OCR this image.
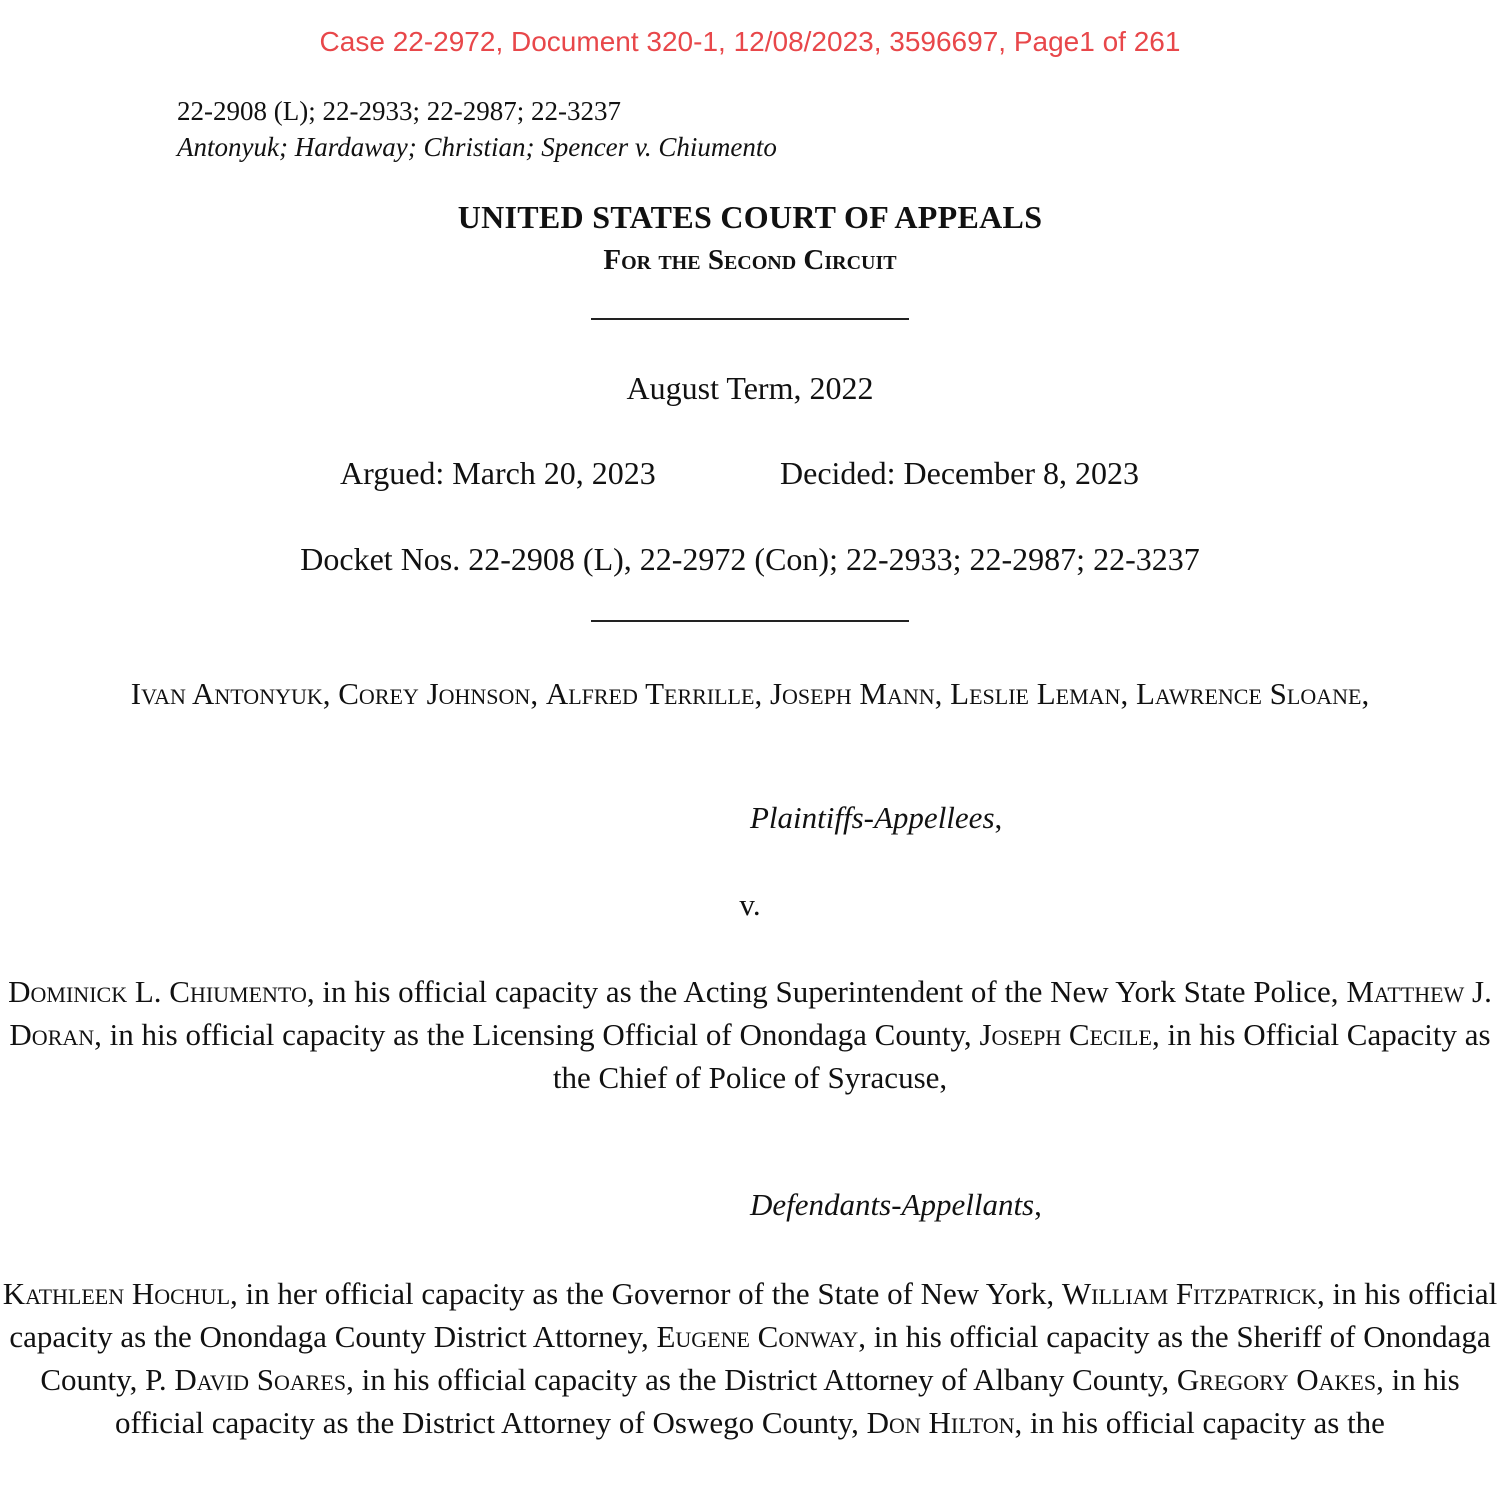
Case 22-2972, Document 320-1, 12/08/2023, 3596697, Page1 of 261
22-2908 (L); 22-2933; 22-2987; 22-3237
Antonyuk; Hardaway; Christian; Spencer v. Chiumento
UNITED STATES COURT OF APPEALS
For the Second Circuit
August Term, 2022
Argued: March 20, 2023	Decided: December 8, 2023
Docket Nos. 22-2908 (L), 22-2972 (Con); 22-2933; 22-2987; 22-3237
Ivan Antonyuk, Corey Johnson, Alfred Terrille, Joseph Mann, Leslie Leman, Lawrence Sloane,
Plaintiffs-Appellees,
v.
Dominick L. Chiumento, in his official capacity as the Acting Superintendent of the New York State Police, Matthew J. Doran, in his official capacity as the Licensing Official of Onondaga County, Joseph Cecile, in his Official Capacity as the Chief of Police of Syracuse,
Defendants-Appellants,
Kathleen Hochul, in her official capacity as the Governor of the State of New York, William Fitzpatrick, in his official capacity as the Onondaga County District Attorney, Eugene Conway, in his official capacity as the Sheriff of Onondaga County, P. David Soares, in his official capacity as the District Attorney of Albany County, Gregory Oakes, in his official capacity as the District Attorney of Oswego County, Don Hilton, in his official capacity as the
